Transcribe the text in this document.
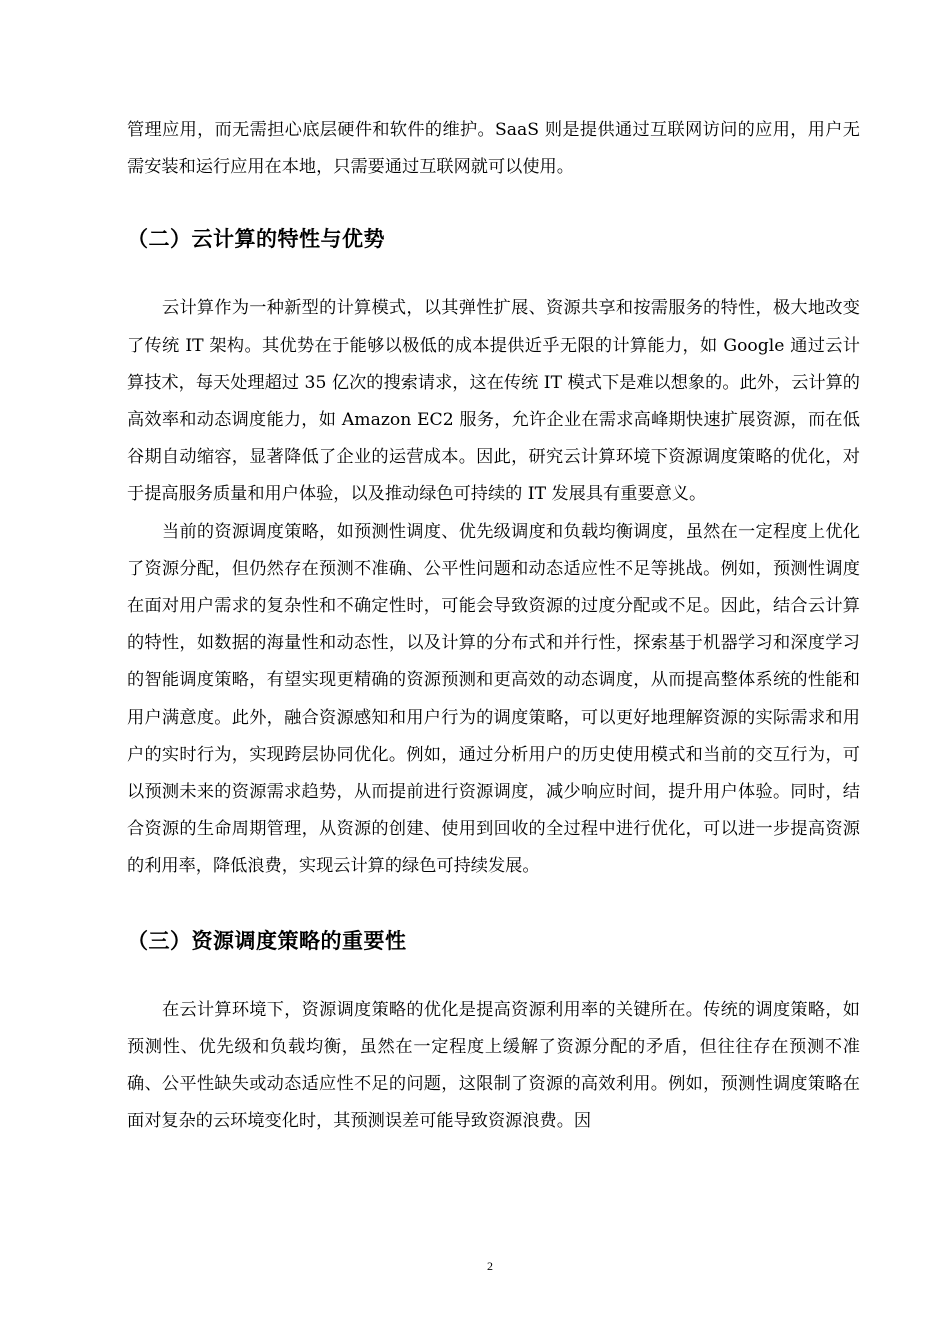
管理应用，而无需担心底层硬件和软件的维护。SaaS 则是提供通过互联网访问的应用，用户无需安装和运行应用在本地，只需要通过互联网就可以使用。

（二）云计算的特性与优势

云计算作为一种新型的计算模式，以其弹性扩展、资源共享和按需服务的特性，极大地改变了传统 IT 架构。其优势在于能够以极低的成本提供近乎无限的计算能力，如 Google 通过云计算技术，每天处理超过 35 亿次的搜索请求，这在传统 IT 模式下是难以想象的。此外，云计算的高效率和动态调度能力，如 Amazon EC2 服务，允许企业在需求高峰期快速扩展资源，而在低谷期自动缩容，显著降低了企业的运营成本。因此，研究云计算环境下资源调度策略的优化，对于提高服务质量和用户体验，以及推动绿色可持续的 IT 发展具有重要意义。

当前的资源调度策略，如预测性调度、优先级调度和负载均衡调度，虽然在一定程度上优化了资源分配，但仍然存在预测不准确、公平性问题和动态适应性不足等挑战。例如，预测性调度在面对用户需求的复杂性和不确定性时，可能会导致资源的过度分配或不足。因此，结合云计算的特性，如数据的海量性和动态性，以及计算的分布式和并行性，探索基于机器学习和深度学习的智能调度策略，有望实现更精确的资源预测和更高效的动态调度，从而提高整体系统的性能和用户满意度。此外，融合资源感知和用户行为的调度策略，可以更好地理解资源的实际需求和用户的实时行为，实现跨层协同优化。例如，通过分析用户的历史使用模式和当前的交互行为，可以预测未来的资源需求趋势，从而提前进行资源调度，减少响应时间，提升用户体验。同时，结合资源的生命周期管理，从资源的创建、使用到回收的全过程中进行优化，可以进一步提高资源的利用率，降低浪费，实现云计算的绿色可持续发展。

（三）资源调度策略的重要性

在云计算环境下，资源调度策略的优化是提高资源利用率的关键所在。传统的调度策略，如预测性、优先级和负载均衡，虽然在一定程度上缓解了资源分配的矛盾，但往往存在预测不准确、公平性缺失或动态适应性不足的问题，这限制了资源的高效利用。例如，预测性调度策略在面对复杂的云环境变化时，其预测误差可能导致资源浪费。因

2
